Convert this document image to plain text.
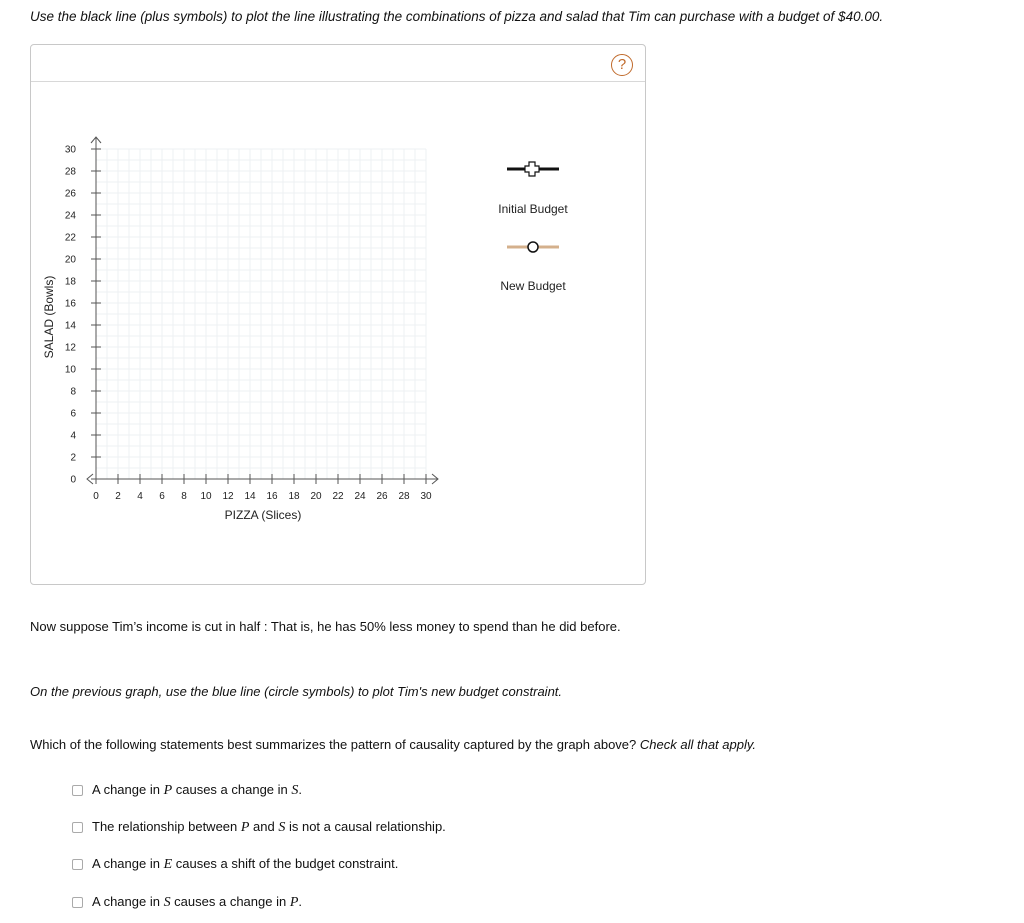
Use the black line (plus symbols) to plot the line illustrating the combinations of pizza and salad that Tim can purchase with a budget of $40.00.
?
0 2 4 6 8 10 12 14 16 18 20 22 24 26 28 30
0
2
4
6
8
10
12
14
16
18
20
22
24
26
28
30
PIZZA (Slices)
SALAD (Bowls)
Initial Budget
New Budget
Now suppose Tim’s income is cut in half : That is, he has 50% less money to spend than he did before.
On the previous graph, use the blue line (circle symbols) to plot Tim's new budget constraint.
Which of the following statements best summarizes the pattern of causality captured by the graph above? Check all that apply.
A change in P causes a change in S.
The relationship between P and S is not a causal relationship.
A change in E causes a shift of the budget constraint.
A change in S causes a change in P.
